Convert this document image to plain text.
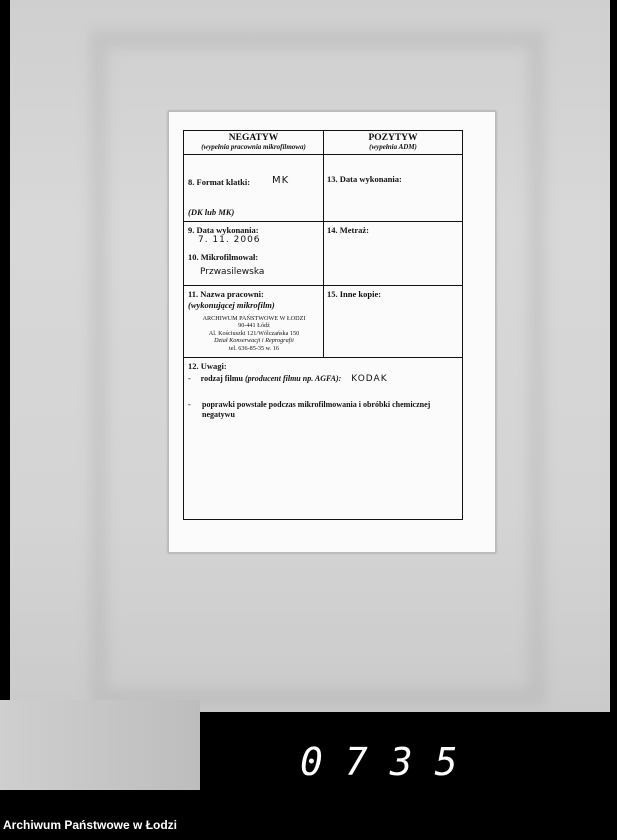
0735
NEGATYW
(wypełnia pracownia mikrofilmowa)
POZYTYW
(wypełnia ADM)
8. Format klatki: MK
(DK lub MK)
13. Data wykonania:
9. Data wykonania:
7. 11. 2006
10. Mikrofilmował:
Przwasilewska
14. Metraż:
11. Nazwa pracowni:
(wykonującej mikrofilm)
ARCHIWUM PAŃSTWOWE W ŁODZI
90-441 Łódź
Al. Kościuszki 121/Wólczańska 150
Dział Konserwacji i Reprografii
tel. 636-85-35 w. 16
15. Inne kopie:
12. Uwagi:
- rodzaj filmu (producent filmu np. AGFA): KODAK
- poprawki powstałe podczas mikrofilmowania i obróbki chemicznej negatywu
Archiwum Państwowe w Łodzi
